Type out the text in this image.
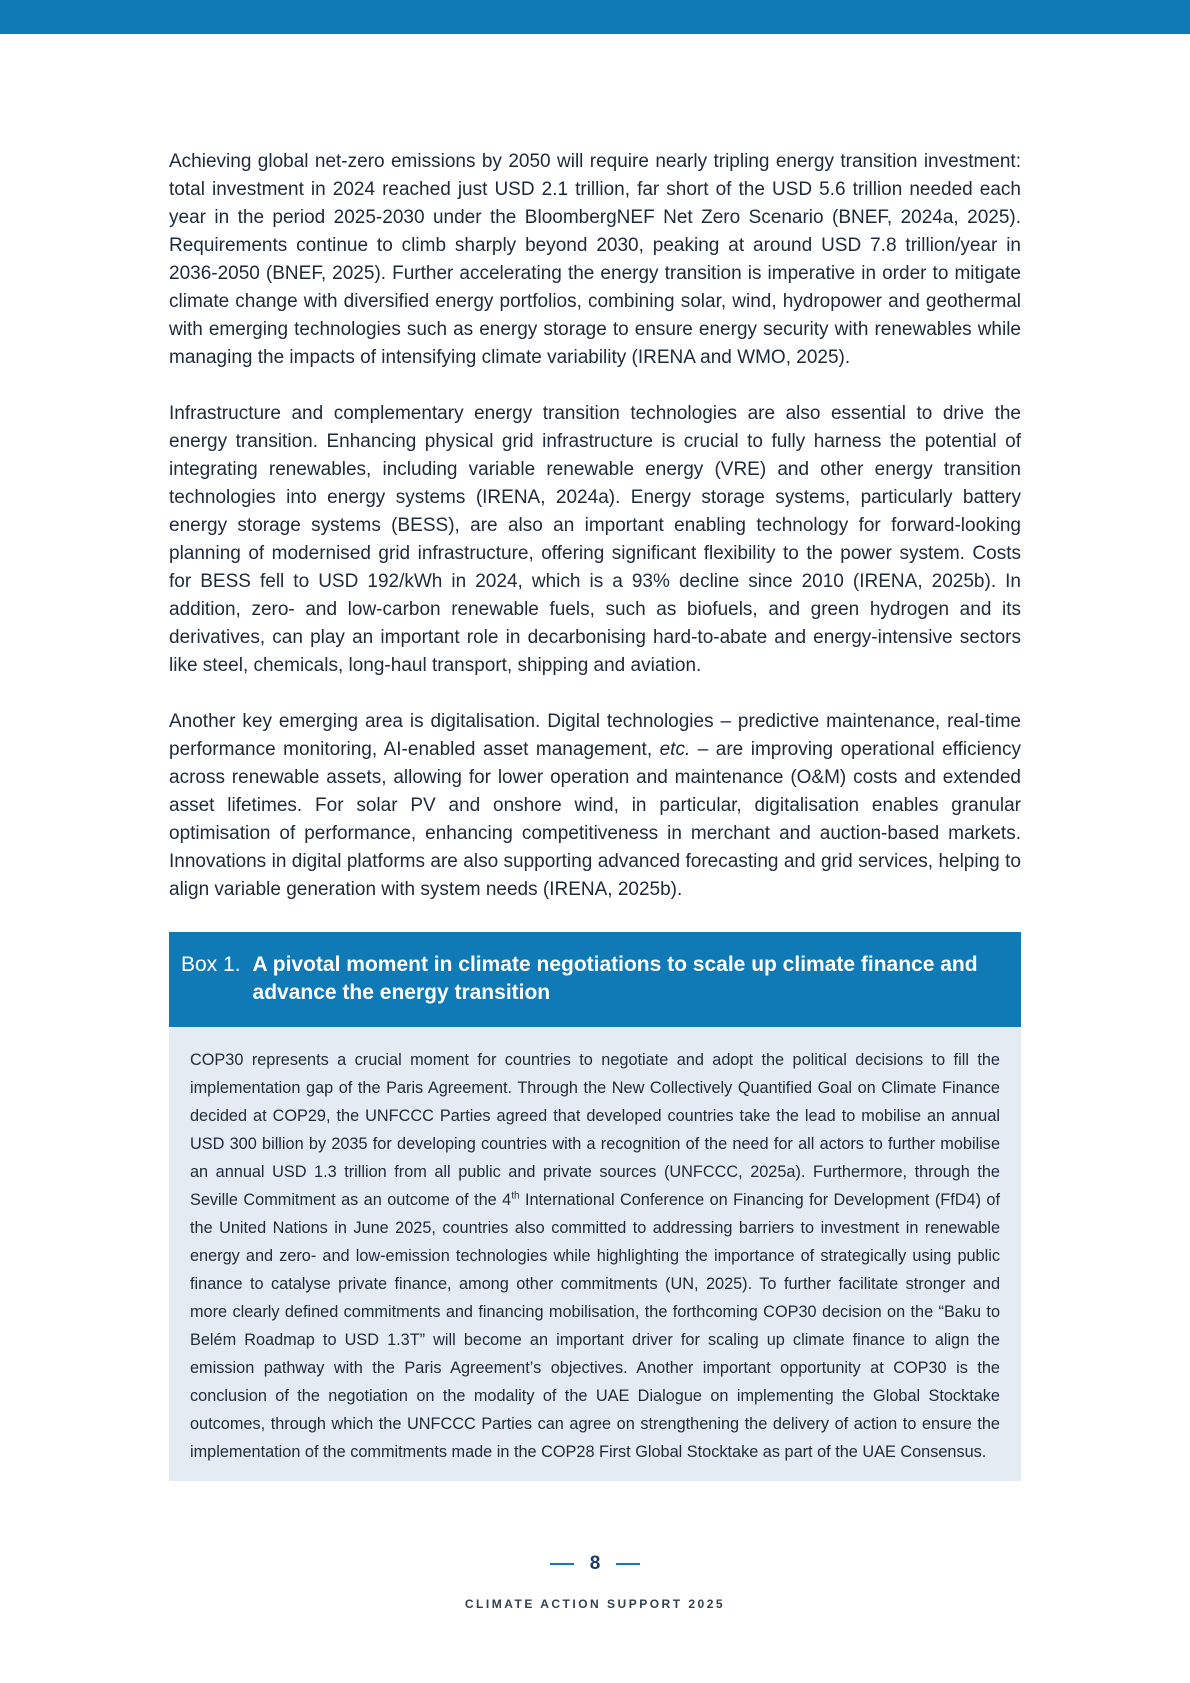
Achieving global net-zero emissions by 2050 will require nearly tripling energy transition investment: total investment in 2024 reached just USD 2.1 trillion, far short of the USD 5.6 trillion needed each year in the period 2025-2030 under the BloombergNEF Net Zero Scenario (BNEF, 2024a, 2025). Requirements continue to climb sharply beyond 2030, peaking at around USD 7.8 trillion/year in 2036-2050 (BNEF, 2025). Further accelerating the energy transition is imperative in order to mitigate climate change with diversified energy portfolios, combining solar, wind, hydropower and geothermal with emerging technologies such as energy storage to ensure energy security with renewables while managing the impacts of intensifying climate variability (IRENA and WMO, 2025).

Infrastructure and complementary energy transition technologies are also essential to drive the energy transition. Enhancing physical grid infrastructure is crucial to fully harness the potential of integrating renewables, including variable renewable energy (VRE) and other energy transition technologies into energy systems (IRENA, 2024a). Energy storage systems, particularly battery energy storage systems (BESS), are also an important enabling technology for forward-looking planning of modernised grid infrastructure, offering significant flexibility to the power system. Costs for BESS fell to USD 192/kWh in 2024, which is a 93% decline since 2010 (IRENA, 2025b). In addition, zero- and low-carbon renewable fuels, such as biofuels, and green hydrogen and its derivatives, can play an important role in decarbonising hard-to-abate and energy-intensive sectors like steel, chemicals, long-haul transport, shipping and aviation.

Another key emerging area is digitalisation. Digital technologies – predictive maintenance, real-time performance monitoring, AI-enabled asset management, etc. – are improving operational efficiency across renewable assets, allowing for lower operation and maintenance (O&M) costs and extended asset lifetimes. For solar PV and onshore wind, in particular, digitalisation enables granular optimisation of performance, enhancing competitiveness in merchant and auction-based markets. Innovations in digital platforms are also supporting advanced forecasting and grid services, helping to align variable generation with system needs (IRENA, 2025b).

Box 1. A pivotal moment in climate negotiations to scale up climate finance and advance the energy transition

COP30 represents a crucial moment for countries to negotiate and adopt the political decisions to fill the implementation gap of the Paris Agreement. Through the New Collectively Quantified Goal on Climate Finance decided at COP29, the UNFCCC Parties agreed that developed countries take the lead to mobilise an annual USD 300 billion by 2035 for developing countries with a recognition of the need for all actors to further mobilise an annual USD 1.3 trillion from all public and private sources (UNFCCC, 2025a). Furthermore, through the Seville Commitment as an outcome of the 4th International Conference on Financing for Development (FfD4) of the United Nations in June 2025, countries also committed to addressing barriers to investment in renewable energy and zero- and low-emission technologies while highlighting the importance of strategically using public finance to catalyse private finance, among other commitments (UN, 2025). To further facilitate stronger and more clearly defined commitments and financing mobilisation, the forthcoming COP30 decision on the “Baku to Belém Roadmap to USD 1.3T” will become an important driver for scaling up climate finance to align the emission pathway with the Paris Agreement’s objectives. Another important opportunity at COP30 is the conclusion of the negotiation on the modality of the UAE Dialogue on implementing the Global Stocktake outcomes, through which the UNFCCC Parties can agree on strengthening the delivery of action to ensure the implementation of the commitments made in the COP28 First Global Stocktake as part of the UAE Consensus.

8
CLIMATE ACTION SUPPORT 2025
